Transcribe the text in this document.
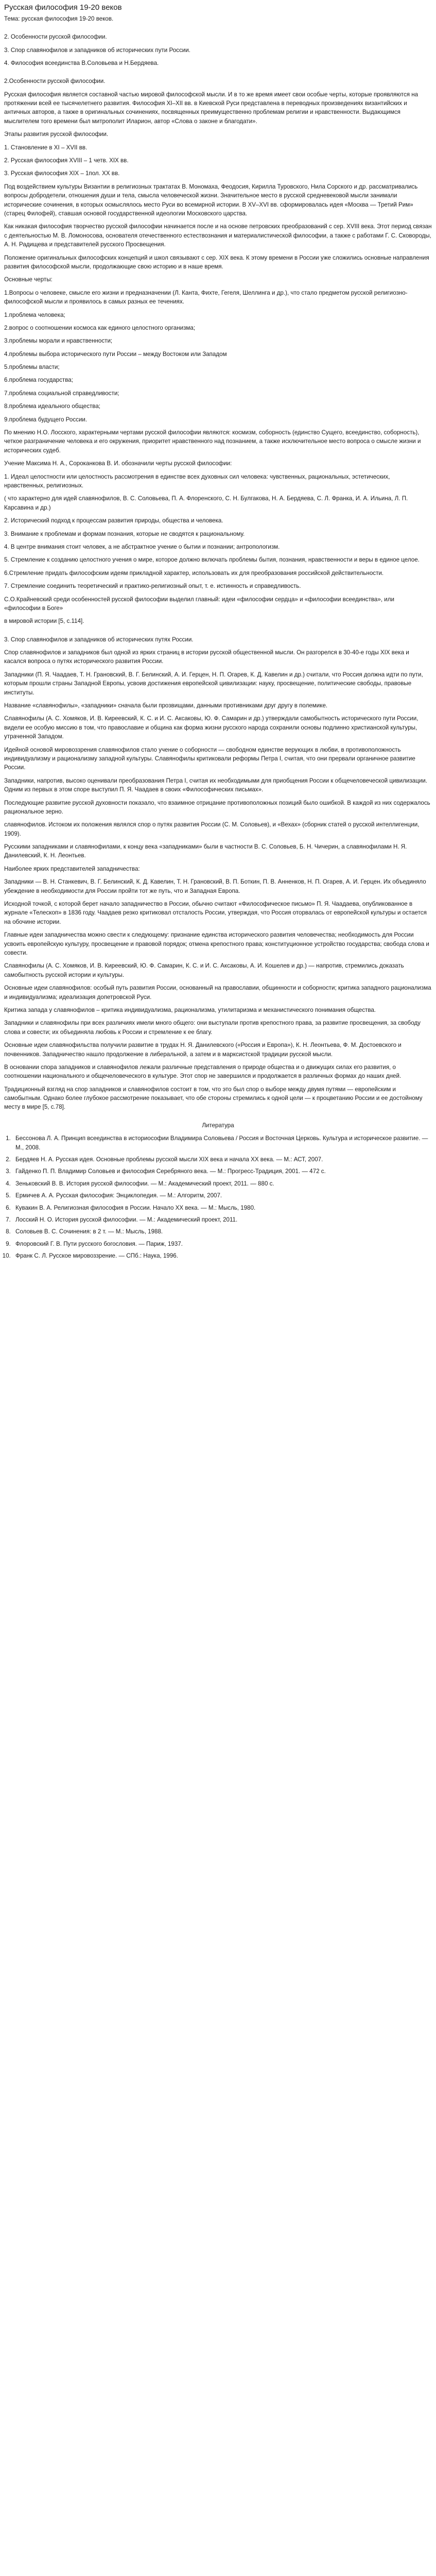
Русская философия 19-20 веков

Тема: русская философия 19-20 веков.

2. Особенности русской философии.

3. Спор славянофилов и западников об исторических пути России.

4. Философия всеединства В.Соловьева и Н.Бердяева.

2.Особенности русской философии.

Русская философия является составной частью мировой философской мысли. И в то же время имеет свои особые черты, которые проявляются на протяжении всей ее тысячелетнего развития. Философия XI–XII вв. в Киевской Руси представлена в переводных произведениях византийских и античных авторов, а также в оригинальных сочинениях, посвященных преимущественно проблемам религии и нравственности. Выдающимся мыслителем того времени был митрополит Иларион, автор «Слова о законе и благодати».

Этапы развития русской философии.

1. Становление в XI – XVII вв.

2. Русская философия XVIII – 1 четв. XIX вв.

3. Русская философия XIX – 1пол. XX вв.

Под воздействием культуры Византии в религиозных трактатах В. Мономаха, Феодосия, Кирилла Туровского, Нила Сорского и др. рассматривались вопросы добродетели, отношения души и тела, смысла человеческой жизни. Значительное место в русской средневековой мысли занимали исторические сочинения, в которых осмыслялось место Руси во всемирной истории. В XV–XVI вв. сформировалась идея «Москва — Третий Рим» (старец Филофей), ставшая основой государственной идеологии Московского царства.

Как никакая философия творчество русской философии начинается после и на основе петровских преобразований с сер. XVIII века. Этот период связан с деятельностью М. В. Ломоносова, основателя отечественного естествознания и материалистической философии, а также с работами Г. С. Сковороды, А. Н. Радищева и представителей русского Просвещения.

Положение оригинальных философских концепций и школ связывают с сер. XIX века. К этому времени в России уже сложились основные направления развития философской мысли, продолжающие свою историю и в наше время.

Основные черты:

1.Вопросы о человеке, смысле его жизни и предназначении (Л. Канта, Фихте, Гегеля, Шеллинга и др.), что стало предметом русской религиозно-философской мысли и проявилось в самых разных ее течениях.

1.проблема человека;

2.вопрос о соотношении космоса как единого целостного организма;

3.проблемы морали и нравственности;

4.проблемы выбора исторического пути России – между Востоком или Западом

5.проблемы власти;

6.проблема государства;

7.проблема социальной справедливости;

8.проблема идеального общества;

9.проблема будущего России.

По мнению Н.О. Лосского, характерными чертами русской философии являются: космизм, соборность (единство Сущего, всеединство, соборность), четкое разграничение человека и его окружения, приоритет нравственного над познанием, а также исключительное место вопроса о смысле жизни и исторических судеб.

Учение Максима Н. А., Сороканкова В. И. обозначили черты русской философии:

1. Идеал целостности или целостность рассмотрения в единстве всех духовных сил человека: чувственных, рациональных, эстетических, нравственных, религиозных.

( что характерно для идей славянофилов, В. С. Соловьева, П. А. Флоренского, С. Н. Булгакова, Н. А. Бердяева, С. Л. Франка, И. А. Ильина, Л. П. Карсавина и др.)

2. Исторический подход к процессам развития природы, общества и человека.

3. Внимание к проблемам и формам познания, которые не сводятся к рациональному.

4. В центре внимания стоит человек, а не абстрактное учение о бытии и познании; антропологизм.

5. Стремление к созданию целостного учения о мире, которое должно включать проблемы бытия, познания, нравственности и веры в единое целое.

6.Стремление придать философским идеям прикладной характер, использовать их для преобразования российской действительности.

7. Стремление соединить теоретический и практико-религиозный опыт, т. е. истинность и справедливость.

С.О.Крайневский среди особенностей русской философии выделил главный: идеи «философии сердца» и «философии всеединства», или «философии в Боге»

в мировой истории [5, с.114].

3. Спор славянофилов и западников об исторических путях России.

Спор славянофилов и западников был одной из ярких страниц в истории русской общественной мысли. Он разгорелся в 30-40-е годы XIX века и касался вопроса о путях исторического развития России.

Западники (П. Я. Чаадаев, Т. Н. Грановский, В. Г. Белинский, А. И. Герцен, Н. П. Огарев, К. Д. Кавелин и др.) считали, что Россия должна идти по пути, которым прошли страны Западной Европы, усвоив достижения европейской цивилизации: науку, просвещение, политические свободы, правовые институты.

Название «славянофилы», «западники» сначала были прозвищами, данными противниками друг другу в полемике.

Славянофилы (А. С. Хомяков, И. В. Киреевский, К. С. и И. С. Аксаковы, Ю. Ф. Самарин и др.) утверждали самобытность исторического пути России, видели ее особую миссию в том, что православие и община как форма жизни русского народа сохранили основы подлинно христианской культуры, утраченной Западом.

Идейной основой мировоззрения славянофилов стало учение о соборности — свободном единстве верующих в любви, в противоположность индивидуализму и рационализму западной культуры. Славянофилы критиковали реформы Петра I, считая, что они прервали органичное развитие России.

Западники, напротив, высоко оценивали преобразования Петра I, считая их необходимыми для приобщения России к общечеловеческой цивилизации. Одним из первых в этом споре выступил П. Я. Чаадаев в своих «Философических письмах».

Последующие развитие русской духовности показало, что взаимное отрицание противоположных позиций было ошибкой. В каждой из них содержалось рациональное зерно.

славянофилов. Истоком их положения являлся спор о путях развития России (С. М. Соловьев), и «Вехах» (сборник статей о русской интеллигенции, 1909).

Русскими западниками и славянофилами, к концу века «западниками» были в частности В. С. Соловьев, Б. Н. Чичерин, а славянофилами Н. Я. Данилевский, К. Н. Леонтьев.

Наиболее ярких представителей западничества:

Западники — В. Н. Станкевич, В. Г. Белинский, К. Д. Кавелин, Т. Н. Грановский, В. П. Боткин, П. В. Анненков, Н. П. Огарев, А. И. Герцен. Их объединяло убеждение в необходимости для России пройти тот же путь, что и Западная Европа.

Исходной точкой, с которой берет начало западничество в России, обычно считают «Философическое письмо» П. Я. Чаадаева, опубликованное в журнале «Телескоп» в 1836 году. Чаадаев резко критиковал отсталость России, утверждая, что Россия оторвалась от европейской культуры и остается на обочине истории.

Главные идеи западничества можно свести к следующему: признание единства исторического развития человечества; необходимость для России усвоить европейскую культуру, просвещение и правовой порядок; отмена крепостного права; конституционное устройство государства; свобода слова и совести.

Славянофилы (А. С. Хомяков, И. В. Киреевский, Ю. Ф. Самарин, К. С. и И. С. Аксаковы, А. И. Кошелев и др.) — напротив, стремились доказать самобытность русской истории и культуры.

Основные идеи славянофилов: особый путь развития России, основанный на православии, общинности и соборности; критика западного рационализма и индивидуализма; идеализация допетровской Руси.

Критика запада у славянофилов – критика индивидуализма, рационализма, утилитаризма и механистического понимания общества.

Западники и славянофилы при всех различиях имели много общего: они выступали против крепостного права, за развитие просвещения, за свободу слова и совести; их объединяла любовь к России и стремление к ее благу.

Основные идеи славянофильства получили развитие в трудах Н. Я. Данилевского («Россия и Европа»), К. Н. Леонтьева, Ф. М. Достоевского и почвенников. Западничество нашло продолжение в либеральной, а затем и в марксистской традиции русской мысли.

В основании спора западников и славянофилов лежали различные представления о природе общества и о движущих силах его развития, о соотношении национального и общечеловеческого в культуре. Этот спор не завершился и продолжается в различных формах до наших дней.

Традиционный взгляд на спор западников и славянофилов состоит в том, что это был спор о выборе между двумя путями — европейским и самобытным. Однако более глубокое рассмотрение показывает, что обе стороны стремились к одной цели — к процветанию России и ее достойному месту в мире [5, с.78].

Литература

1. Бессонова Л. А. Принцип всеединства в историософии Владимира Соловьева / Россия и Восточная Церковь. Культура и историческое развитие. — М., 2008.
2. Бердяев Н. А. Русская идея. Основные проблемы русской мысли XIX века и начала XX века. — М.: АСТ, 2007.
3. Гайденко П. П. Владимир Соловьев и философия Серебряного века. — М.: Прогресс-Традиция, 2001. — 472 с.
4. Зеньковский В. В. История русской философии. — М.: Академический проект, 2011. — 880 с.
5. Ермичев А. А. Русская философия: Энциклопедия. — М.: Алгоритм, 2007.
6. Кувакин В. А. Религиозная философия в России. Начало XX века. — М.: Мысль, 1980.
7. Лосский Н. О. История русской философии. — М.: Академический проект, 2011.
8. Соловьев В. С. Сочинения: в 2 т. — М.: Мысль, 1988.
9. Флоровский Г. В. Пути русского богословия. — Париж, 1937.
10. Франк С. Л. Русское мировоззрение. — СПб.: Наука, 1996.
